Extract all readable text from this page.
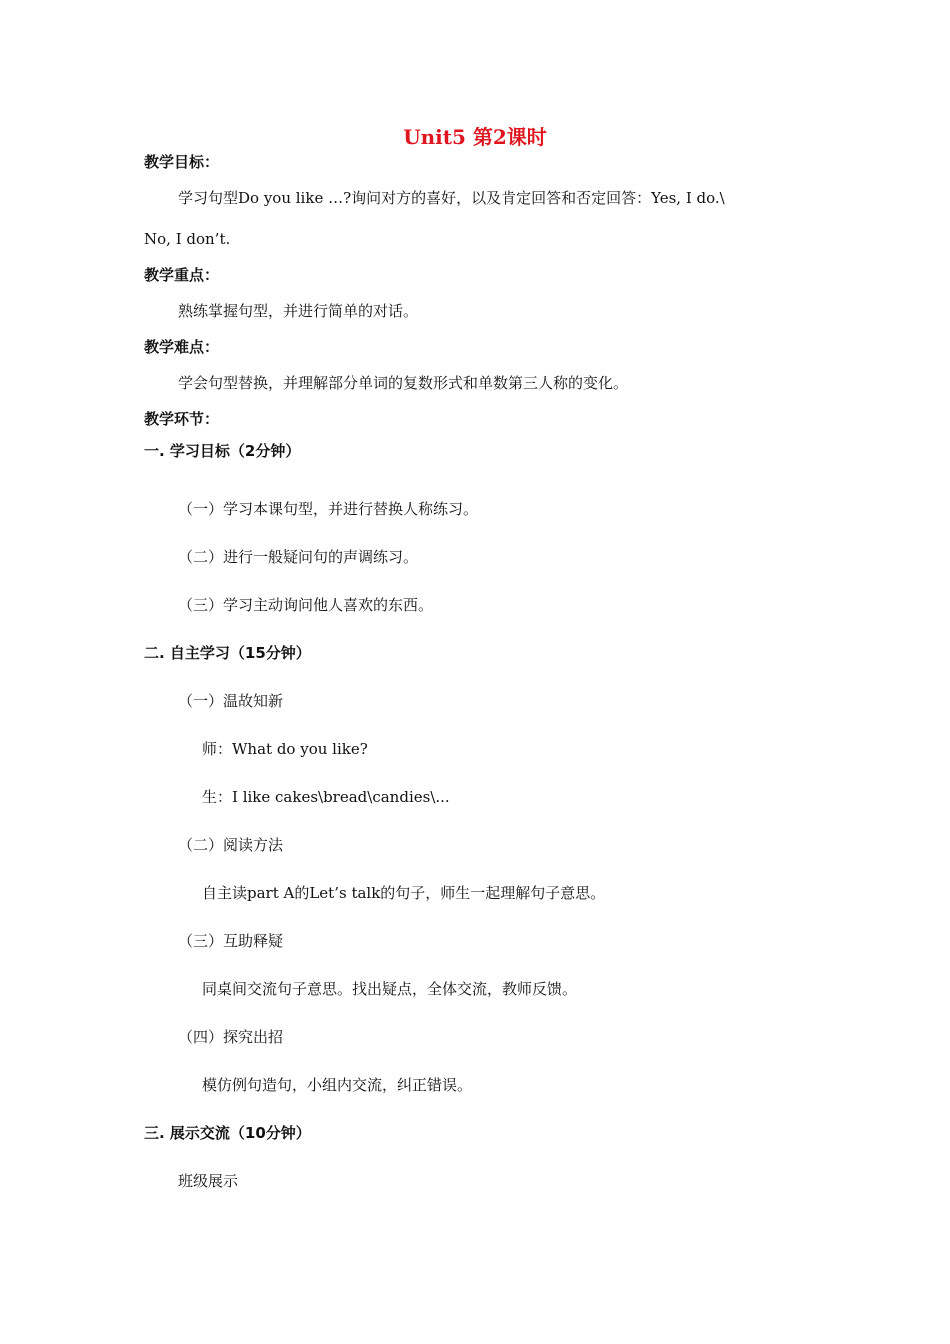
Unit5 第2课时
教学目标：
学习句型Do you like …?询问对方的喜好，以及肯定回答和否定回答：Yes, I do.\
No, I don’t.
教学重点：
熟练掌握句型，并进行简单的对话。
教学难点：
学会句型替换，并理解部分单词的复数形式和单数第三人称的变化。
教学环节：
一. 学习目标（2分钟）
（一）学习本课句型，并进行替换人称练习。
（二）进行一般疑问句的声调练习。
（三）学习主动询问他人喜欢的东西。
二. 自主学习（15分钟）
（一）温故知新
师：What do you like?
生：I like cakes\bread\candies\...
（二）阅读方法
自主读part A的Let’s talk的句子，师生一起理解句子意思。
（三）互助释疑
同桌间交流句子意思。找出疑点，全体交流，教师反馈。
（四）探究出招
模仿例句造句，小组内交流，纠正错误。
三. 展示交流（10分钟）
班级展示
